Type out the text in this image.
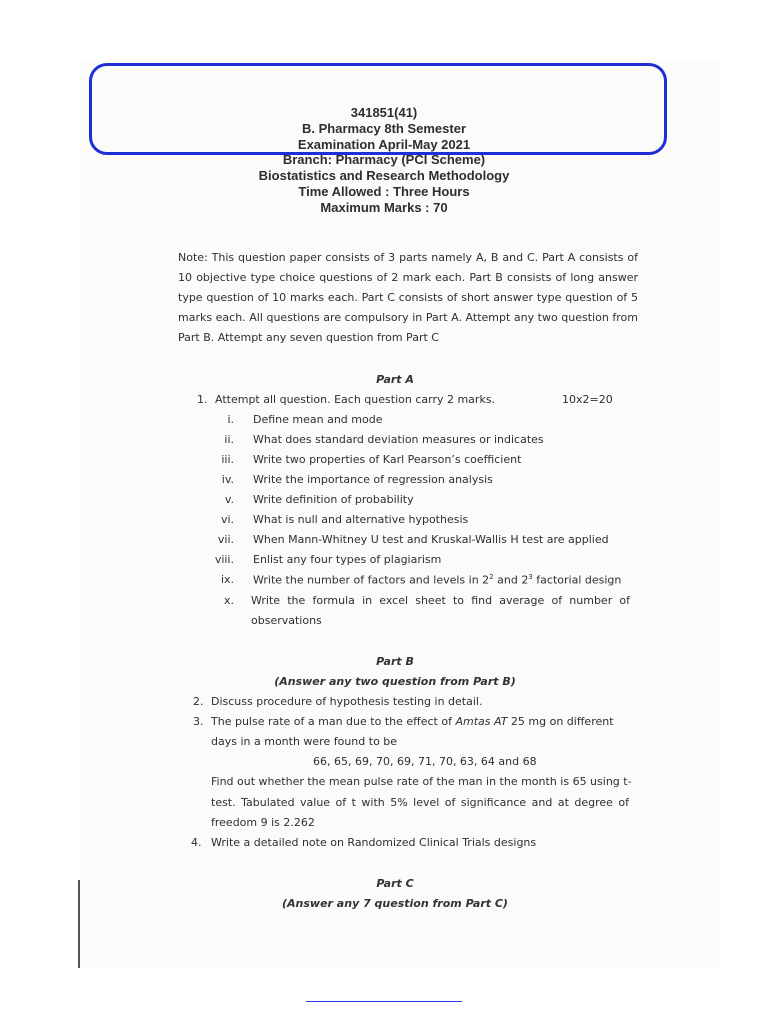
341851(41)
B. Pharmacy 8th Semester
Examination April-May 2021
Branch: Pharmacy (PCI Scheme)
Biostatistics and Research Methodology
Time Allowed : Three Hours
Maximum Marks : 70
Note: This question paper consists of 3 parts namely A, B and C. Part A consists of 10 objective type choice questions of 2 mark each. Part B consists of long answer type question of 10 marks each. Part C consists of short answer type question of 5 marks each. All questions are compulsory in Part A. Attempt any two question from Part B. Attempt any seven question from Part C
Part A
1. Attempt all question. Each question carry 2 marks.	10x2=20
i. Define mean and mode
ii. What does standard deviation measures or indicates
iii. Write two properties of Karl Pearson’s coefficient
iv. Write the importance of regression analysis
v. Write definition of probability
vi. What is null and alternative hypothesis
vii. When Mann-Whitney U test and Kruskal-Wallis H test are applied
viii. Enlist any four types of plagiarism
ix. Write the number of factors and levels in $2^2$ and $2^3$ factorial design
x. Write the formula in excel sheet to find average of number of
observations
Part B
(Answer any two question from Part B)
2. Discuss procedure of hypothesis testing in detail.
3. The pulse rate of a man due to the effect of Amtas AT 25 mg on different
days in a month were found to be
66, 65, 69, 70, 69, 71, 70, 63, 64 and 68
Find out whether the mean pulse rate of the man in the month is 65 using t-
test. Tabulated value of t with 5% level of significance and at degree of
freedom 9 is 2.262
4. Write a detailed note on Randomized Clinical Trials designs
Part C
(Answer any 7 question from Part C)
